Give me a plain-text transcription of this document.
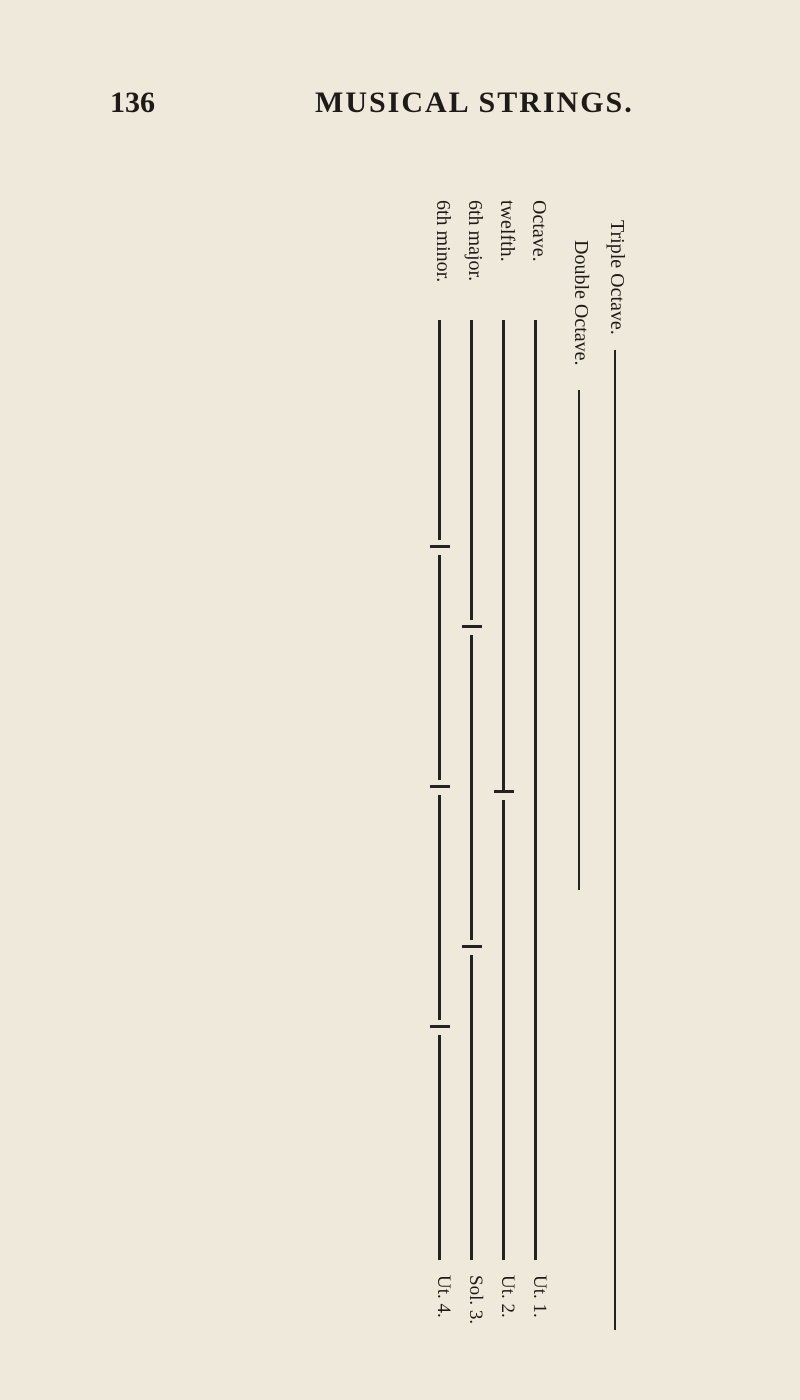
136	MUSICAL STRINGS.
Triple Octave.
Double Octave.
Octave.
Ut. 1.
twelfth.
Ut. 2.
6th major.
Sol. 3.
6th minor.
Ut. 4.
